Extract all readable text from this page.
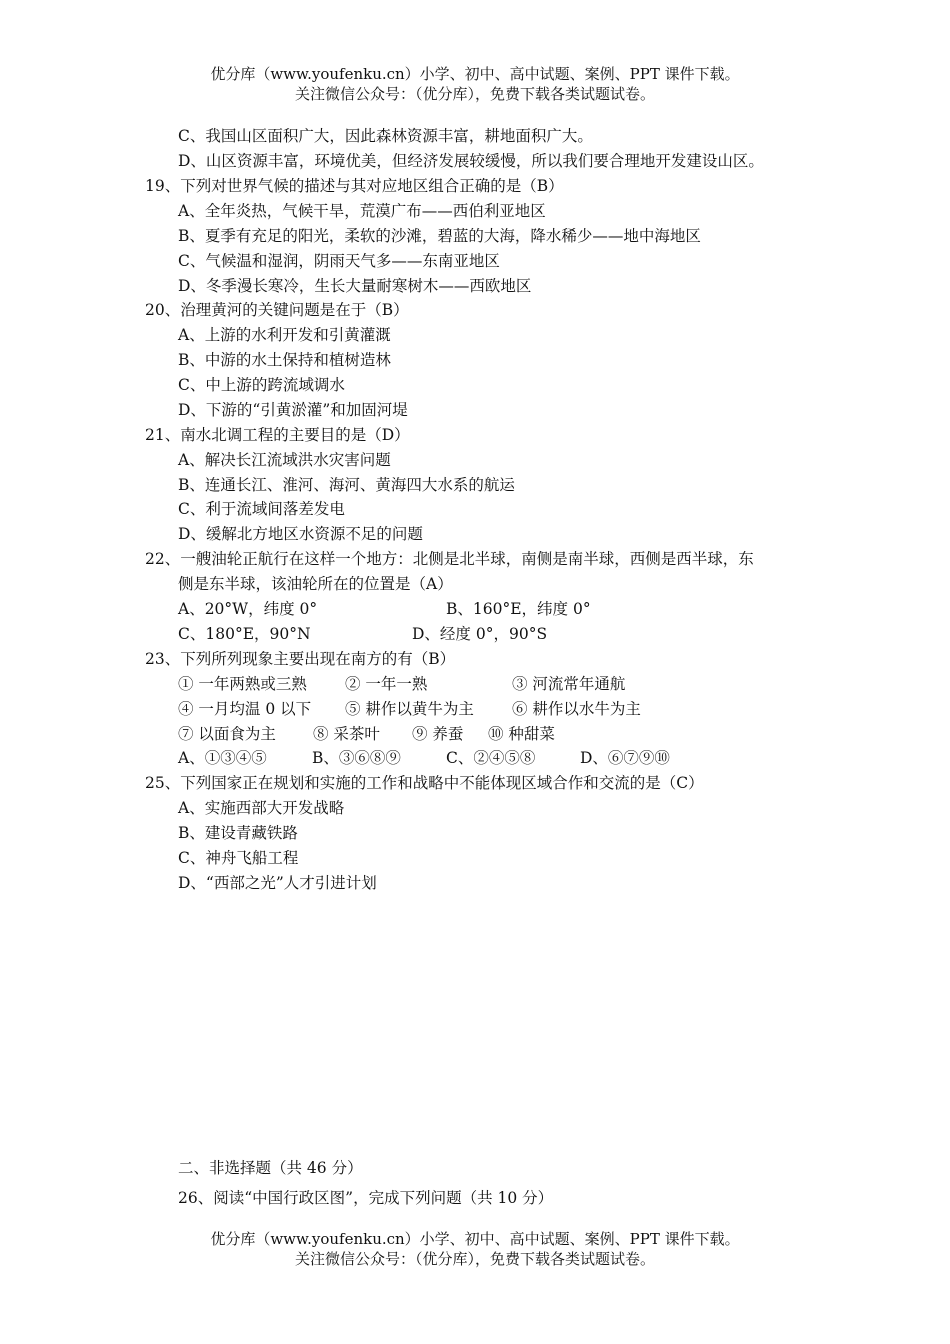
优分库（www.youfenku.cn）小学、初中、高中试题、案例、PPT 课件下载。
关注微信公众号：（优分库），免费下载各类试题试卷。
C、我国山区面积广大，因此森林资源丰富，耕地面积广大。
D、山区资源丰富，环境优美，但经济发展较缓慢，所以我们要合理地开发建设山区。
19、下列对世界气候的描述与其对应地区组合正确的是（B）
A、全年炎热，气候干旱，荒漠广布——西伯利亚地区
B、夏季有充足的阳光，柔软的沙滩，碧蓝的大海，降水稀少——地中海地区
C、气候温和湿润，阴雨天气多——东南亚地区
D、冬季漫长寒冷，生长大量耐寒树木——西欧地区
20、治理黄河的关键问题是在于（B）
A、上游的水利开发和引黄灌溉
B、中游的水土保持和植树造林
C、中上游的跨流域调水
D、下游的“引黄淤灌”和加固河堤
21、南水北调工程的主要目的是（D）
A、解决长江流域洪水灾害问题
B、连通长江、淮河、海河、黄海四大水系的航运
C、利于流域间落差发电
D、缓解北方地区水资源不足的问题
22、一艘油轮正航行在这样一个地方：北侧是北半球，南侧是南半球，西侧是西半球，东
侧是东半球，该油轮所在的位置是（A）
A、20°W，纬度 0°	B、160°E，纬度 0°
C、180°E，90°N	D、经度 0°，90°S
23、下列所列现象主要出现在南方的有（B）
① 一年两熟或三熟 ② 一年一熟	③ 河流常年通航
④ 一月均温 0 以下 ⑤ 耕作以黄牛为主 ⑥ 耕作以水牛为主
⑦ 以面食为主 ⑧ 采茶叶 ⑨ 养蚕 ⑩ 种甜菜
A、①③④⑤	B、③⑥⑧⑨	C、②④⑤⑧	D、⑥⑦⑨⑩
25、下列国家正在规划和实施的工作和战略中不能体现区域合作和交流的是（C）
A、实施西部大开发战略
B、建设青藏铁路
C、神舟飞船工程
D、“西部之光”人才引进计划
二、非选择题（共 46 分）
26、阅读“中国行政区图”，完成下列问题（共 10 分）
优分库（www.youfenku.cn）小学、初中、高中试题、案例、PPT 课件下载。
关注微信公众号：（优分库），免费下载各类试题试卷。
